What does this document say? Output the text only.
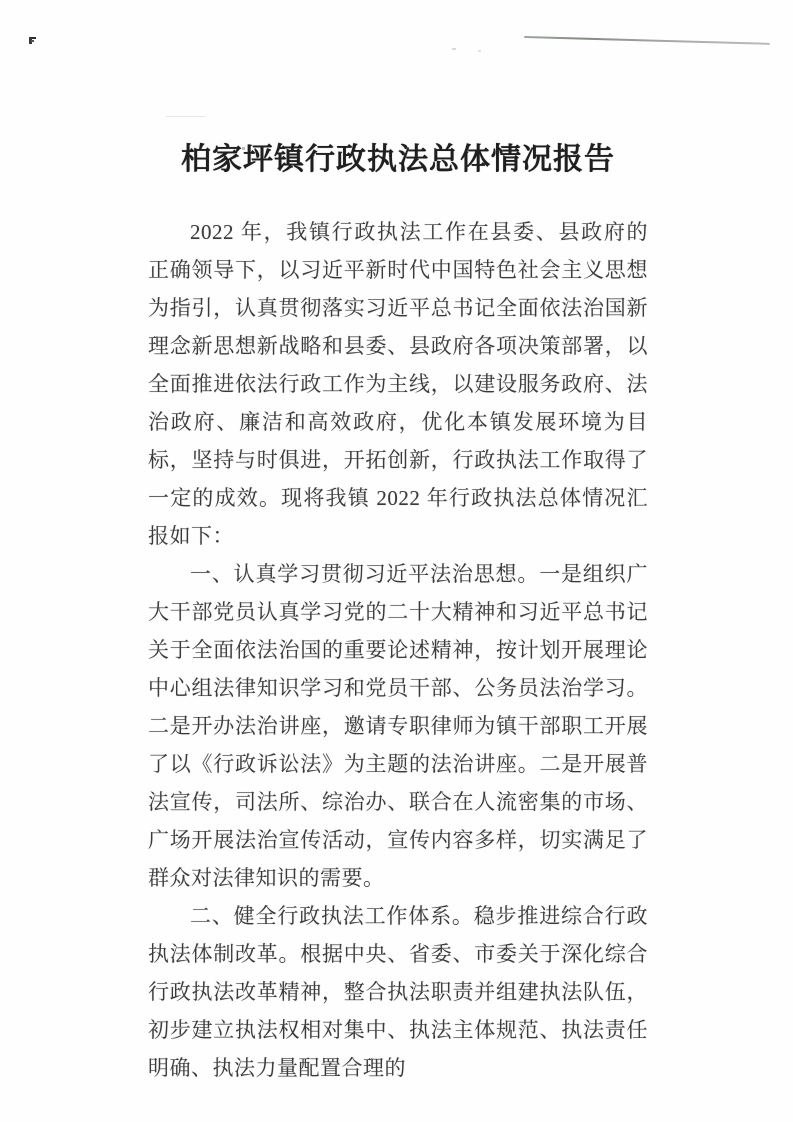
柏家坪镇行政执法总体情况报告

2022 年，我镇行政执法工作在县委、县政府的正确领导下，以习近平新时代中国特色社会主义思想为指引，认真贯彻落实习近平总书记全面依法治国新理念新思想新战略和县委、县政府各项决策部署，以全面推进依法行政工作为主线，以建设服务政府、法治政府、廉洁和高效政府，优化本镇发展环境为目标，坚持与时俱进，开拓创新，行政执法工作取得了一定的成效。现将我镇 2022 年行政执法总体情况汇报如下：

一、认真学习贯彻习近平法治思想。一是组织广大干部党员认真学习党的二十大精神和习近平总书记关于全面依法治国的重要论述精神，按计划开展理论中心组法律知识学习和党员干部、公务员法治学习。二是开办法治讲座，邀请专职律师为镇干部职工开展了以《行政诉讼法》为主题的法治讲座。二是开展普法宣传，司法所、综治办、联合在人流密集的市场、广场开展法治宣传活动，宣传内容多样，切实满足了群众对法律知识的需要。

二、健全行政执法工作体系。稳步推进综合行政执法体制改革。根据中央、省委、市委关于深化综合行政执法改革精神，整合执法职责并组建执法队伍，初步建立执法权相对集中、执法主体规范、执法责任明确、执法力量配置合理的
